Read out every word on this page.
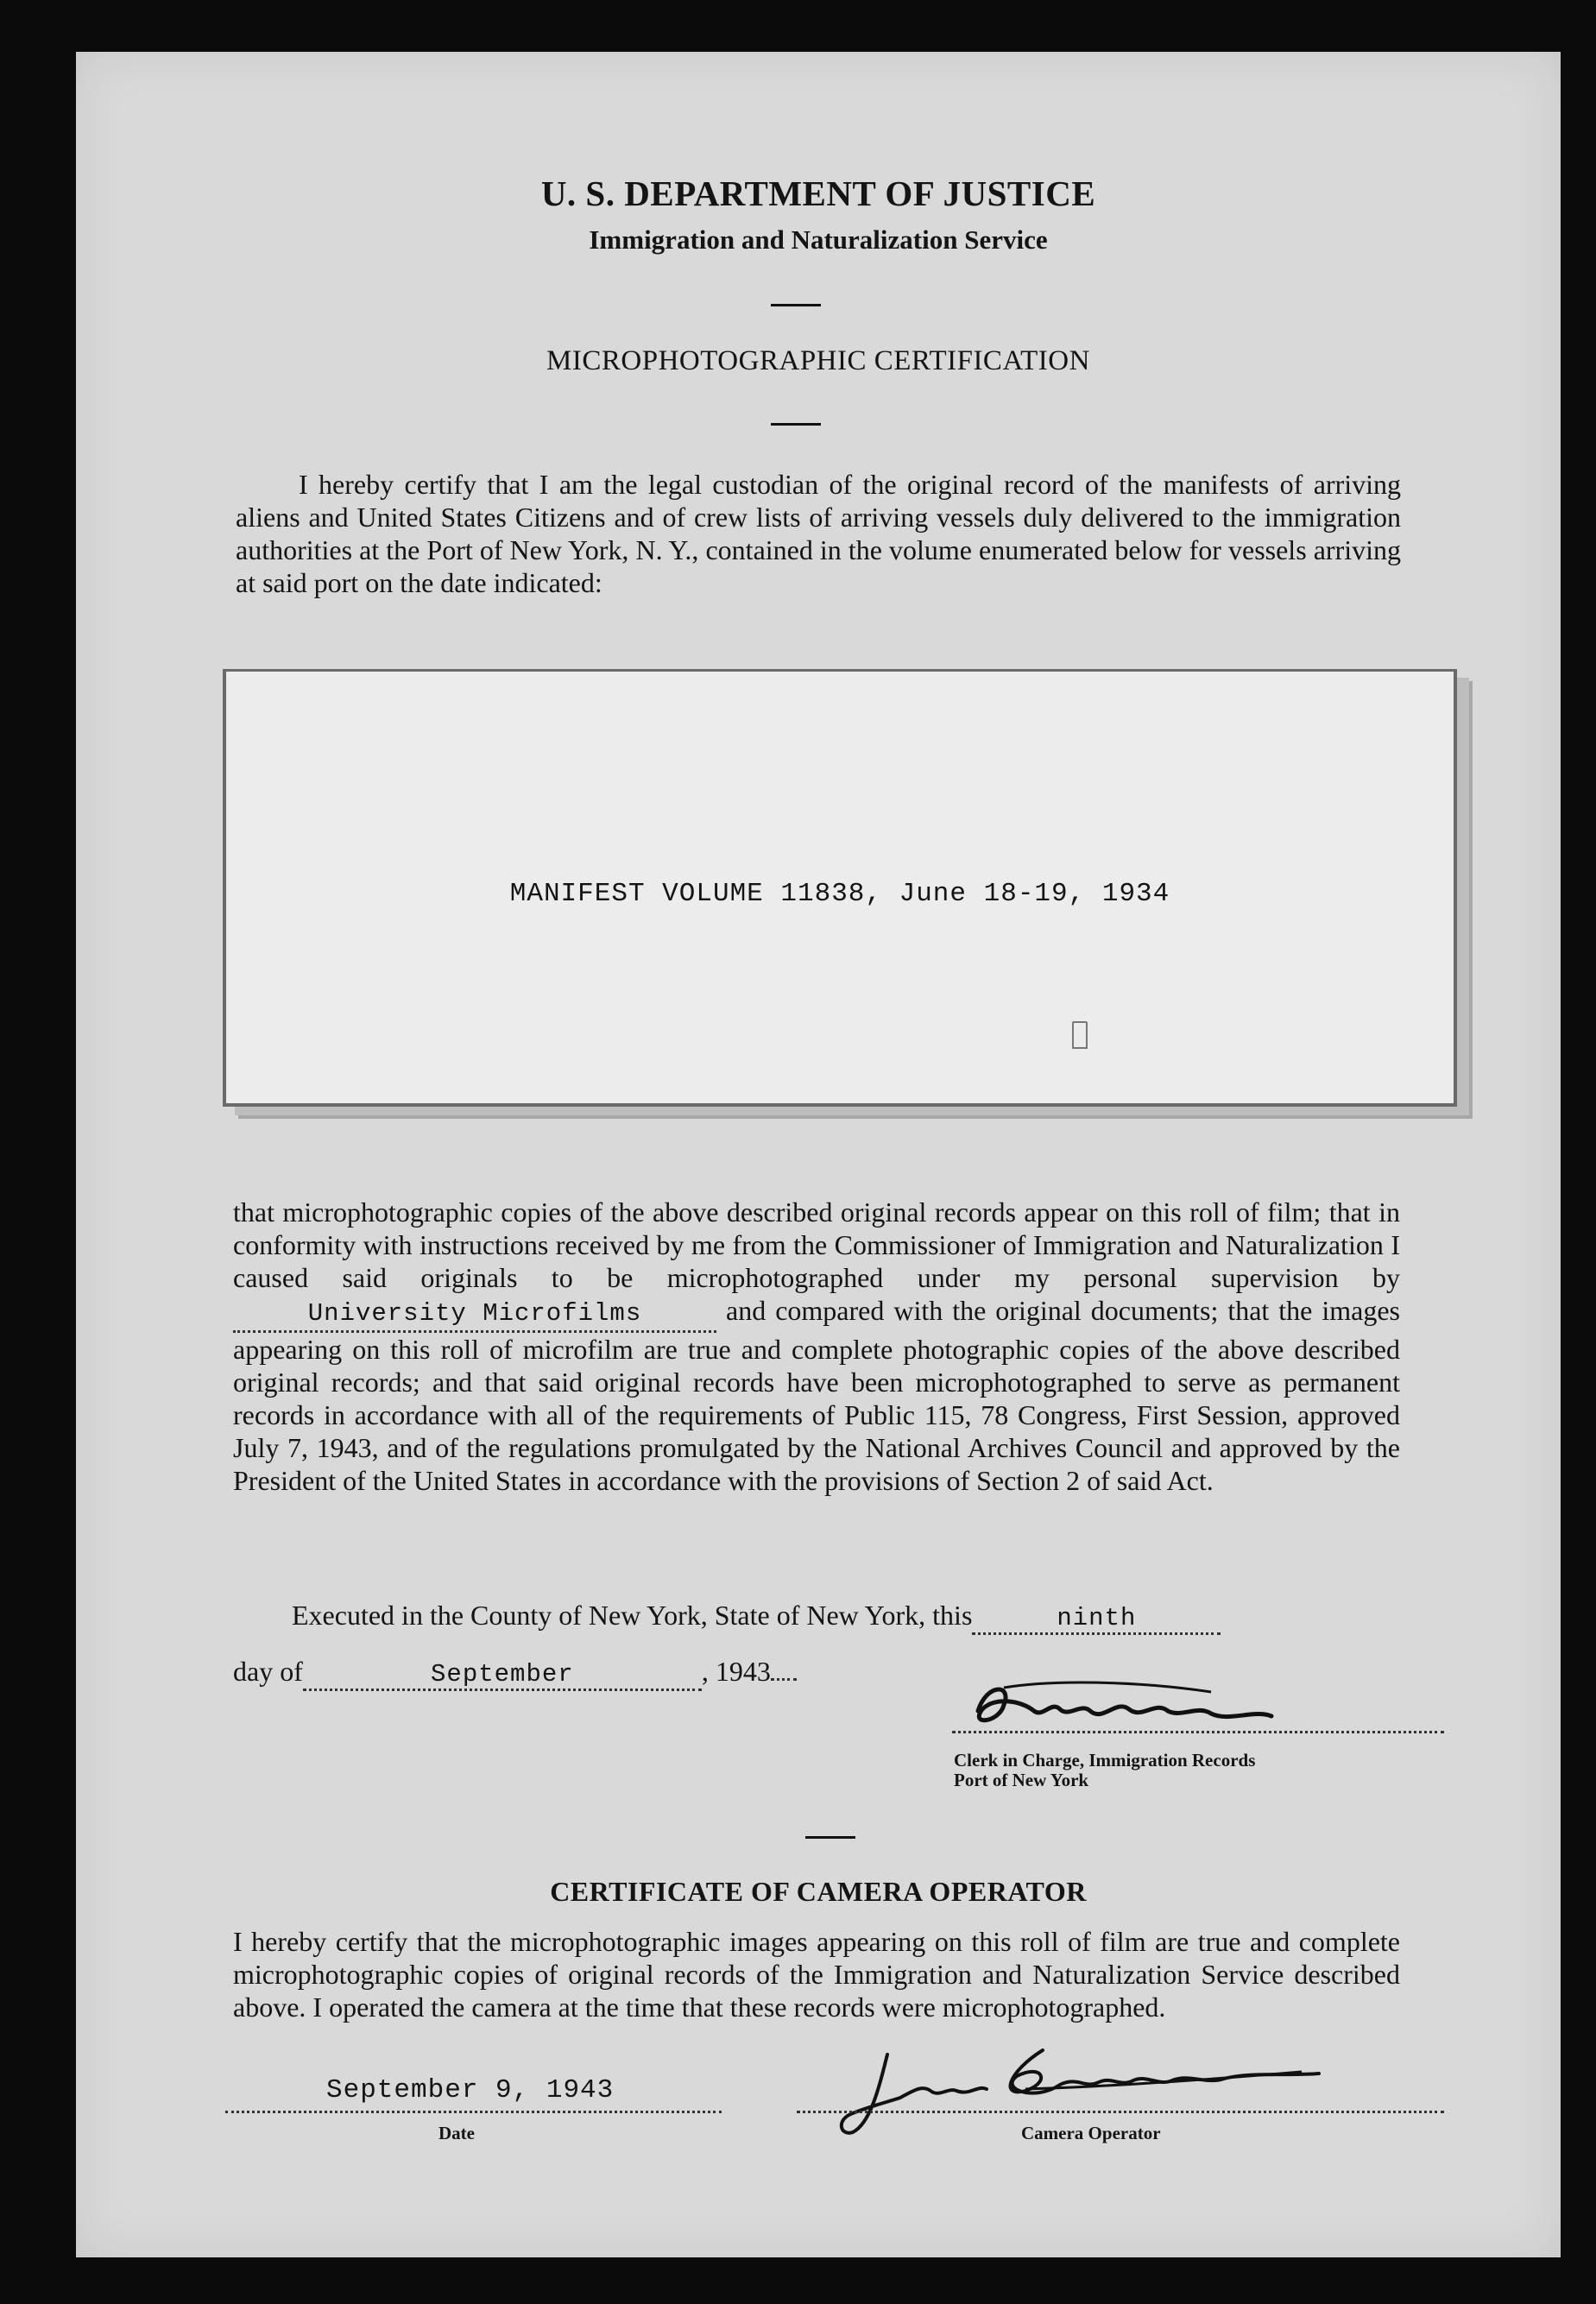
U. S. DEPARTMENT OF JUSTICE
Immigration and Naturalization Service
MICROPHOTOGRAPHIC CERTIFICATION

I hereby certify that I am the legal custodian of the original record of the manifests of arriving aliens and United States Citizens and of crew lists of arriving vessels duly delivered to the immigration authorities at the Port of New York, N. Y., contained in the volume enumerated below for vessels arriving at said port on the date indicated:

MANIFEST VOLUME 11838, June 18-19, 1934

that microphotographic copies of the above described original records appear on this roll of film; that in conformity with instructions received by me from the Commissioner of Immigration and Naturalization I caused said originals to be microphotographed under my personal supervision by University Microfilms	and compared with the original documents; that the images appearing on this roll of microfilm are true and complete photographic copies of the above described original records; and that said original records have been microphotographed to serve as permanent records in accordance with all of the requirements of Public 115, 78 Congress, First Session, approved July 7, 1943, and of the regulations promulgated by the National Archives Council and approved by the President of the United States in accordance with the provisions of Section 2 of said Act.

Executed in the County of New York, State of New York, this	ninth
day of	September	, 1943
Clerk in Charge, Immigration Records
Port of New York
CERTIFICATE OF CAMERA OPERATOR

I hereby certify that the microphotographic images appearing on this roll of film are true and complete microphotographic copies of original records of the Immigration and Naturalization Service described above. I operated the camera at the time that these records were microphotographed.

September 9, 1943
Date	Camera Operator
